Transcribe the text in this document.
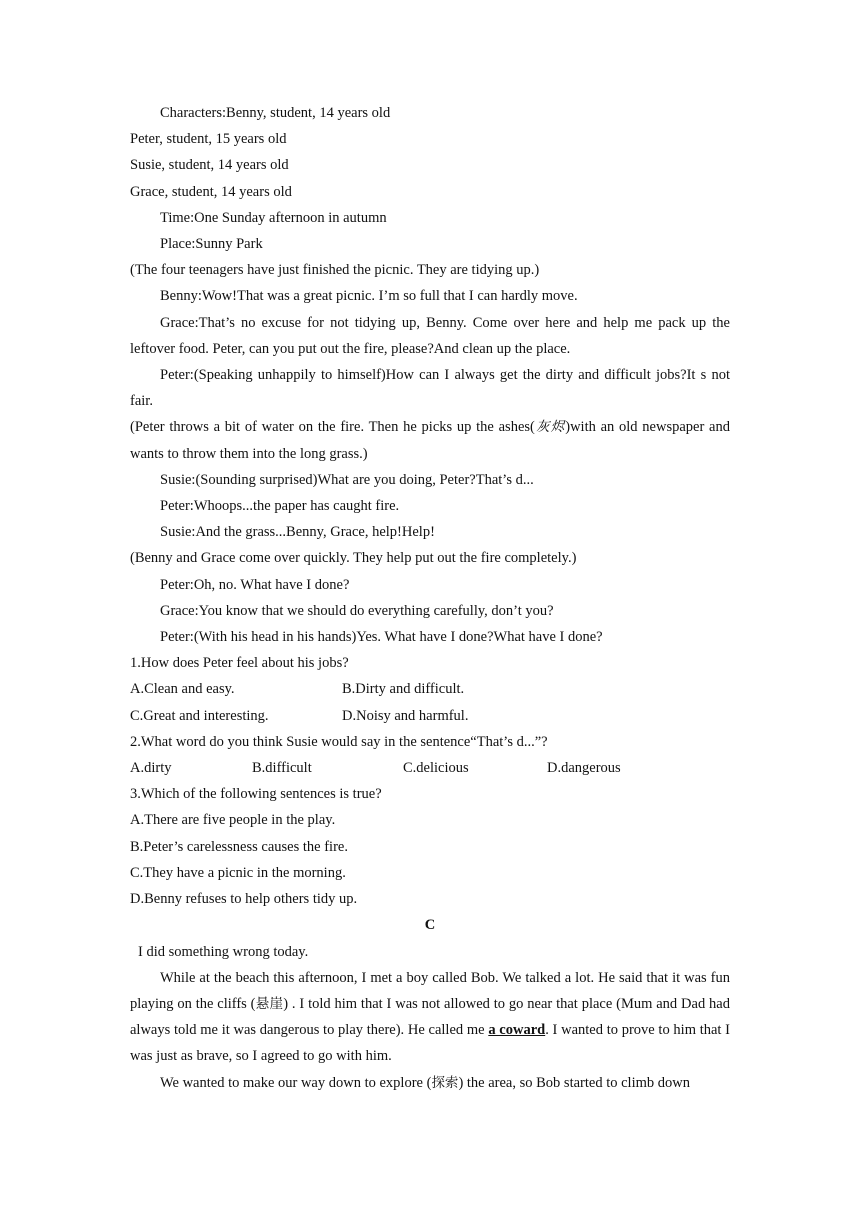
Characters:Benny, student, 14 years old
Peter, student, 15 years old
Susie, student, 14 years old
Grace, student, 14 years old
Time:One Sunday afternoon in autumn
Place:Sunny Park
(The four teenagers have just finished the picnic. They are tidying up.)
Benny:Wow!That was a great picnic. I’m so full that I can hardly move.
Grace:That’s no excuse for not tidying up, Benny. Come over here and help me pack up the leftover food. Peter, can you put out the fire, please?And clean up the place.
Peter:(Speaking unhappily to himself)How can I always get the dirty and difficult jobs?It s not fair.
(Peter throws a bit of water on the fire. Then he picks up the ashes(灰烬)with an old newspaper and wants to throw them into the long grass.)
Susie:(Sounding surprised)What are you doing, Peter?That’s d...
Peter:Whoops...the paper has caught fire.
Susie:And the grass...Benny, Grace, help!Help!
(Benny and Grace come over quickly. They help put out the fire completely.)
Peter:Oh, no. What have I done?
Grace:You know that we should do everything carefully, don’t you?
Peter:(With his head in his hands)Yes. What have I done?What have I done?
1.How does Peter feel about his jobs?
A.Clean and easy.	B.Dirty and difficult.
C.Great and interesting.	D.Noisy and harmful.
2.What word do you think Susie would say in the sentence“That’s d...”?
A.dirty	B.difficult	C.delicious	D.dangerous
3.Which of the following sentences is true?
A.There are five people in the play.
B.Peter’s carelessness causes the fire.
C.They have a picnic in the morning.
D.Benny refuses to help others tidy up.
C
I did something wrong today.
While at the beach this afternoon, I met a boy called Bob. We talked a lot. He said that it was fun playing on the cliffs (悬崖) . I told him that I was not allowed to go near that place (Mum and Dad had always told me it was dangerous to play there). He called me a coward. I wanted to prove to him that I was just as brave, so I agreed to go with him.
We wanted to make our way down to explore (探索) the area, so Bob started to climb down
